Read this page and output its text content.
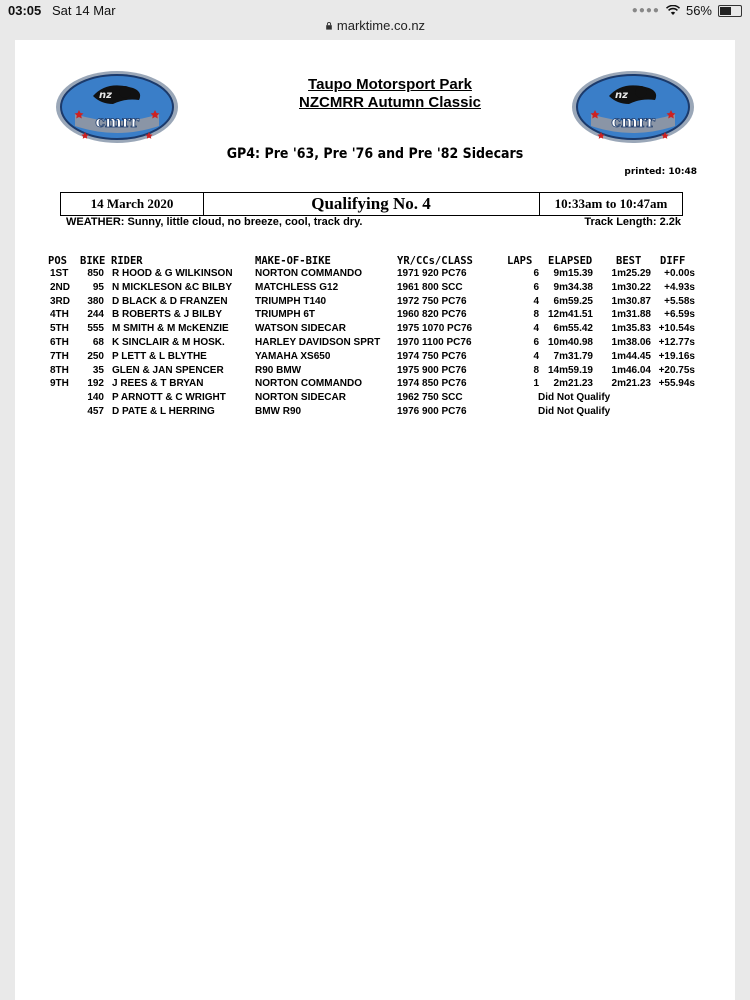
03:05 Sat 14 Mar	●●●● 56%
marktime.co.nz
cmrr
nz
cmrr
nz
Taupo Motorsport Park
NZCMRR Autumn Classic
GP4: Pre '63, Pre '76 and Pre '82 Sidecars
printed: 10:48
14 March 2020	Qualifying No. 4	10:33am to 10:47am
WEATHER: Sunny, little cloud, no breeze, cool, track dry.	Track Length: 2.2k
POS BIKE RIDER	MAKE-OF-BIKE	YR/CCs/CLASS	LAPS ELAPSED BEST DIFF
1ST	850 R HOOD & G WILKINSON	NORTON COMMANDO	1971 920 PC76	6	9m15.39	1m25.29	+0.00s
2ND	95 N MICKLESON &C BILBY	MATCHLESS G12	1961 800 SCC	6	9m34.38	1m30.22	+4.93s
3RD	380 D BLACK & D FRANZEN	TRIUMPH T140	1972 750 PC76	4	6m59.25	1m30.87	+5.58s
4TH	244 B ROBERTS & J BILBY	TRIUMPH 6T	1960 820 PC76	8 12m41.51	1m31.88	+6.59s
5TH	555 M SMITH & M McKENZIE	WATSON SIDECAR	1975 1070 PC76	4	6m55.42	1m35.83 +10.54s
6TH	68 K SINCLAIR & M HOSK.	HARLEY DAVIDSON SPRT	1970 1100 PC76	6 10m40.98	1m38.06 +12.77s
7TH	250 P LETT & L BLYTHE	YAMAHA XS650	1974 750 PC76	4	7m31.79	1m44.45 +19.16s
8TH	35 GLEN & JAN SPENCER	R90 BMW	1975 900 PC76	8 14m59.19	1m46.04 +20.75s
9TH	192 J REES & T BRYAN	NORTON COMMANDO	1974 850 PC76	1	2m21.23	2m21.23 +55.94s
140 P ARNOTT & C WRIGHT	NORTON SIDECAR	1962 750 SCC	Did Not Qualify
457 D PATE & L HERRING	BMW R90	1976 900 PC76	Did Not Qualify
